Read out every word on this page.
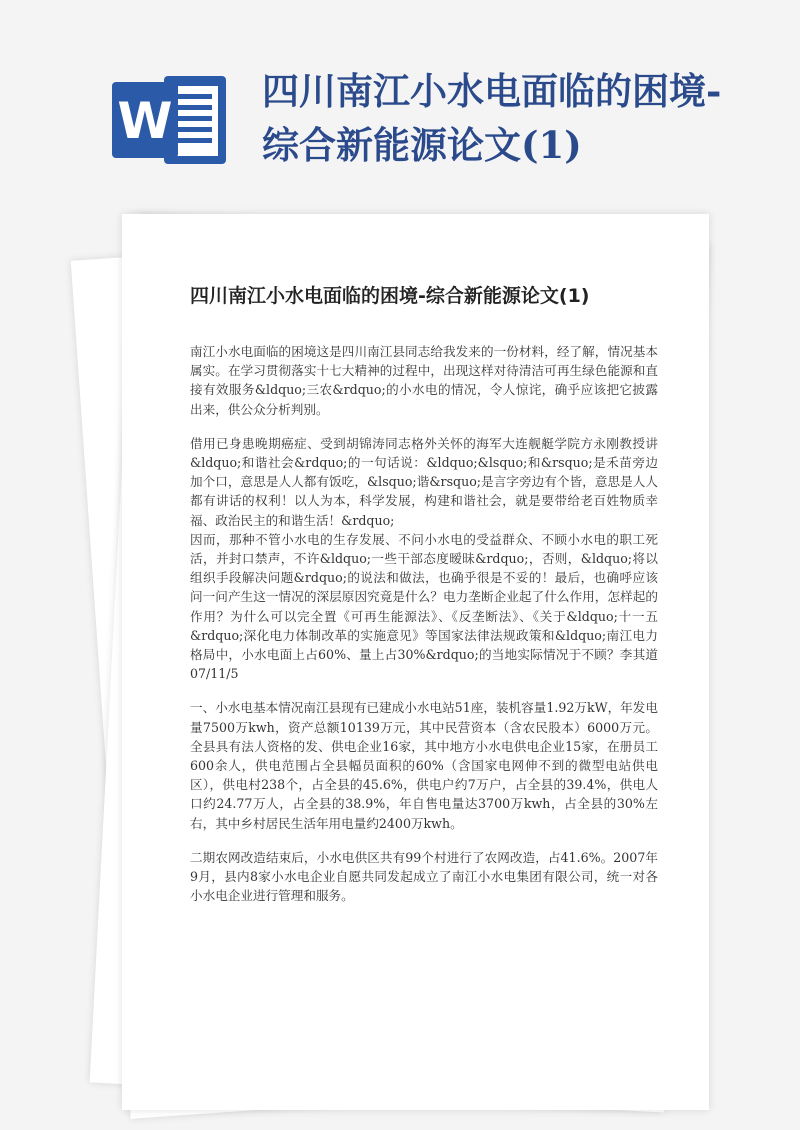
W
四川南江小水电面临的困境-
综合新能源论文(1)
四川南江小水电面临的困境-综合新能源论文(1)

南江小水电面临的困境这是四川南江县同志给我发来的一份材料，经了解，情况基本属实。在学习贯彻落实十七大精神的过程中，出现这样对待清洁可再生绿色能源和直接有效服务&ldquo;三农&rdquo;的小水电的情况，令人惊诧，确乎应该把它披露出来，供公众分析判别。

借用已身患晚期癌症、受到胡锦涛同志格外关怀的海军大连舰艇学院方永刚教授讲&ldquo;和谐社会&rdquo;的一句话说：&ldquo;&lsquo;和&rsquo;是禾苗旁边加个口，意思是人人都有饭吃，&lsquo;谐&rsquo;是言字旁边有个皆，意思是人人都有讲话的权利！以人为本，科学发展，构建和谐社会，就是要带给老百姓物质幸福、政治民主的和谐生活！&rdquo;
因而，那种不管小水电的生存发展、不问小水电的受益群众、不顾小水电的职工死活，并封口禁声，不许&ldquo;一些干部态度暧昧&rdquo;，否则，&ldquo;将以组织手段解决问题&rdquo;的说法和做法，也确乎很是不妥的！最后，也确呼应该问一问产生这一情况的深层原因究竟是什么？电力垄断企业起了什么作用，怎样起的作用？为什么可以完全置《可再生能源法》、《反垄断法》、《关于&ldquo;十一五&rdquo;深化电力体制改革的实施意见》等国家法律法规政策和&ldquo;南江电力格局中，小水电面上占60%、量上占30%&rdquo;的当地实际情况于不顾？李其道07/11/5

一、小水电基本情况南江县现有已建成小水电站51座，装机容量1.92万kW，年发电量7500万kwh，资产总额10139万元，其中民营资本（含农民股本）6000万元。全县具有法人资格的发、供电企业16家，其中地方小水电供电企业15家，在册员工600余人，供电范围占全县幅员面积的60%（含国家电网伸不到的微型电站供电区），供电村238个，占全县的45.6%，供电户约7万户，占全县的39.4%，供电人口约24.77万人，占全县的38.9%，年自售电量达3700万kwh，占全县的30%左右，其中乡村居民生活年用电量约2400万kwh。

二期农网改造结束后，小水电供区共有99个村进行了农网改造，占41.6%。2007年9月，县内8家小水电企业自愿共同发起成立了南江小水电集团有限公司，统一对各小水电企业进行管理和服务。
